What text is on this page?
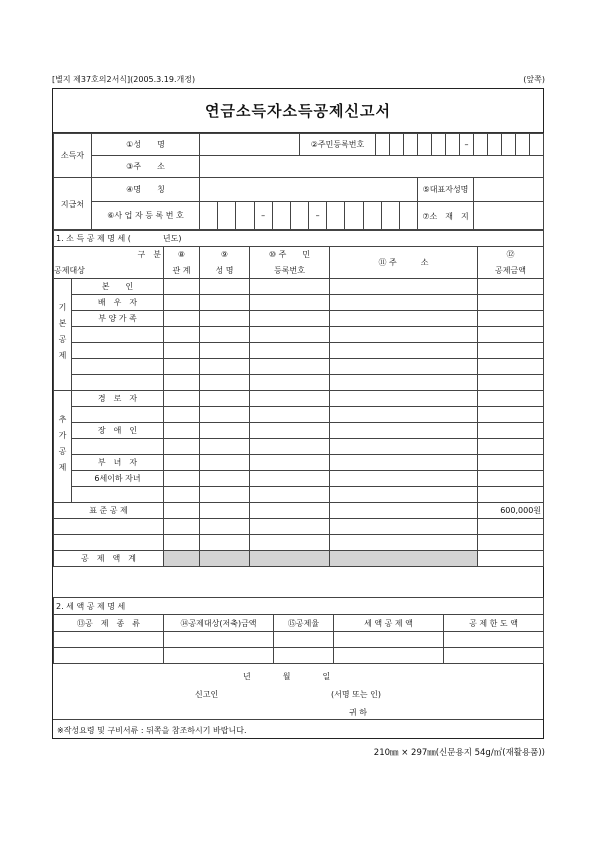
[별지 제37호의2서식](2005.3.19.개정)	(앞쪽)
연금소득자소득공제신고서
소득자	①성　　명		②주민등록번호							–					
	③주　　소														
지급처	④명　　칭						⑤대표자성명								
	⑥사 업 자 등 록 번 호	– –					⑦소　재　지								
1. 소 득 공 제 명 세 (　　　　년도)						
구　분		⑧	⑨	⑩ 주　　민	⑪ 주　　　소	⑫
공제대상		관 계	성 명	등록번호		공제금액
기본공제	본　　인					
	배　우　자					
	부 양 가 족					

추가공제	경　로　자					

	장　애　인					

	부　녀　자					
	6세이하 자녀					

표 준 공 제						600,000원

공　제　액　계						
2. 세 액 공 제 명 세				
⑬공　제　종　류	⑭공제대상(저축)금액	⑮공제율	세 액 공 제 액	공 제 한 도 액

년　　　　월　　　　일
신고인	(서명 또는 인)
귀 하
※작성요령 및 구비서류 : 뒤쪽을 참조하시기 바랍니다.
210㎜ × 297㎜(신문용지 54g/㎡(재활용품))
